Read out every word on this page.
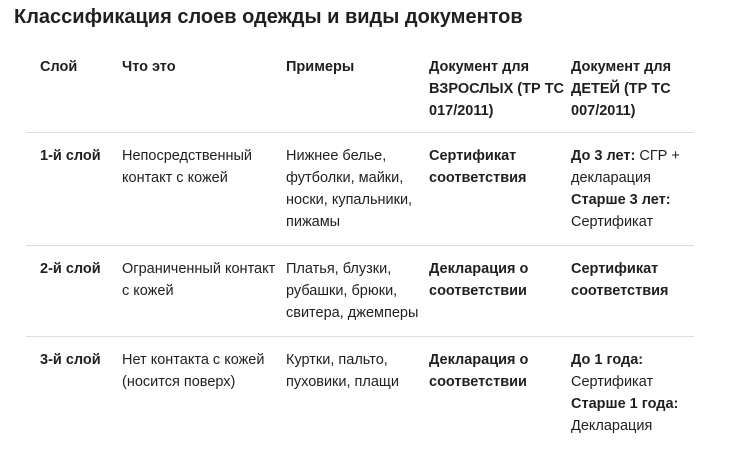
Классификация слоев одежды и виды документов
Слой	Что это	Примеры	Документ для ВЗРОСЛЫХ (ТР ТС 017/2011)	Документ для ДЕТЕЙ (ТР ТС 007/2011)
1-й слой	Непосредственный контакт с кожей	Нижнее белье, футболки, майки, носки, купальники, пижамы	Сертификат соответствия	До 3 лет: СГР + декларация
Старше 3 лет: Сертификат

2-й слой	Ограниченный контакт с кожей	Платья, блузки, рубашки, брюки, свитера, джемперы	Декларация о соответствии	Сертификат соответствия
3-й слой	Нет контакта с кожей (носится поверх)	Куртки, пальто, пуховики, плащи	Декларация о соответствии	До 1 года: Сертификат
Старше 1 года: Декларация
